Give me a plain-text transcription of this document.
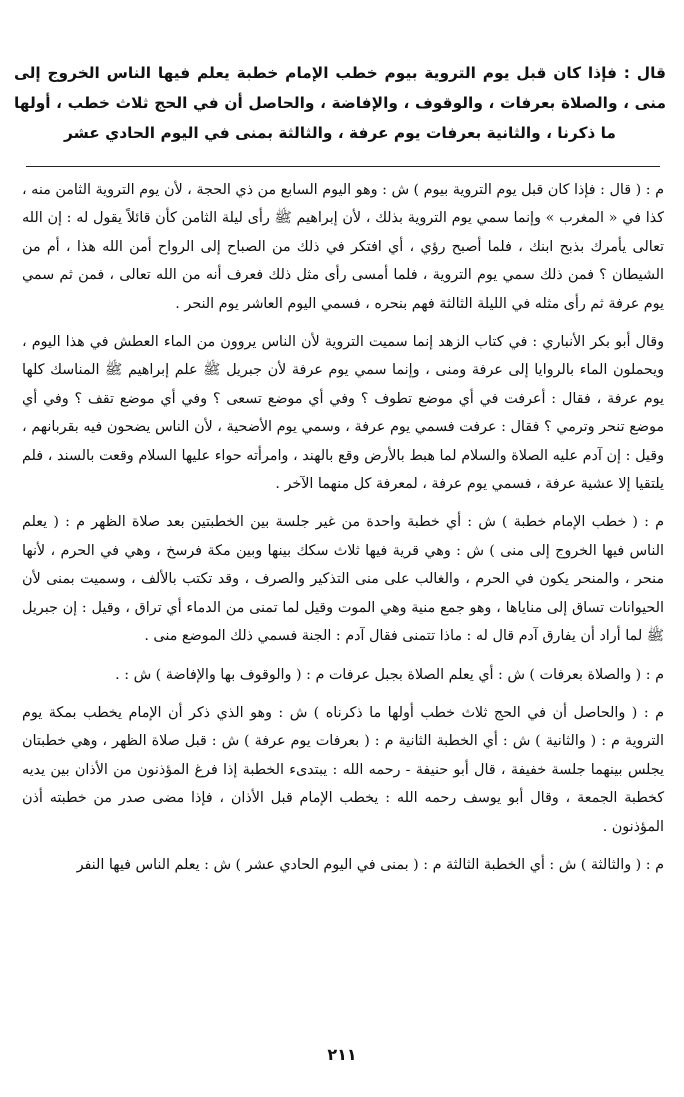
قال : فإذا كان قبل يوم التروية بيوم خطب الإمام خطبة يعلم فيها الناس الخروج إلى منى ، والصلاة بعرفات ، والوقوف ، والإفاضة ، والحاصل أن في الحج ثلاث خطب ، أولها ما ذكرنا ، والثانية بعرفات يوم عرفة ، والثالثة بمنى في اليوم الحادي عشر

م : ( قال : فإذا كان قبل يوم التروية بيوم ) ش : وهو اليوم السابع من ذي الحجة ، لأن يوم التروية الثامن منه ، كذا في « المغرب » وإنما سمي يوم التروية بذلك ، لأن إبراهيم ﷺ رأى ليلة الثامن كأن قائلاً يقول له : إن الله تعالى يأمرك بذبح ابنك ، فلما أصبح رؤي ، أي افتكر في ذلك من الصباح إلى الرواح أمن الله هذا ، أم من الشيطان ؟ فمن ذلك سمي يوم التروية ، فلما أمسى رأى مثل ذلك فعرف أنه من الله تعالى ، فمن ثم سمي يوم عرفة ثم رأى مثله في الليلة الثالثة فهم بنحره ، فسمي اليوم العاشر يوم النحر .

وقال أبو بكر الأنباري : في كتاب الزهد إنما سميت التروية لأن الناس يروون من الماء العطش في هذا اليوم ، ويحملون الماء بالروايا إلى عرفة ومنى ، وإنما سمي يوم عرفة لأن جبريل ﷺ علم إبراهيم ﷺ المناسك كلها يوم عرفة ، فقال : أعرفت في أي موضع تطوف ؟ وفي أي موضع تسعى ؟ وفي أي موضع تقف ؟ وفي أي موضع تنحر وترمي ؟ فقال : عرفت فسمي يوم عرفة ، وسمي يوم الأضحية ، لأن الناس يضحون فيه بقربانهم ، وقيل : إن آدم عليه الصلاة والسلام لما هبط بالأرض وقع بالهند ، وامرأته حواء عليها السلام وقعت بالسند ، فلم يلتقيا إلا عشية عرفة ، فسمي يوم عرفة ، لمعرفة كل منهما الآخر .

م : ( خطب الإمام خطبة ) ش : أي خطبة واحدة من غير جلسة بين الخطبتين بعد صلاة الظهر م : ( يعلم الناس فيها الخروج إلى منى ) ش : وهي قرية فيها ثلاث سكك بينها وبين مكة فرسخ ، وهي في الحرم ، لأنها منحر ، والمنحر يكون في الحرم ، والغالب على منى التذكير والصرف ، وقد تكتب بالألف ، وسميت بمنى لأن الحيوانات تساق إلى مناياها ، وهو جمع منية وهي الموت وقيل لما تمنى من الدماء أي تراق ، وقيل : إن جبريل ﷺ لما أراد أن يفارق آدم قال له : ماذا تتمنى فقال آدم : الجنة فسمي ذلك الموضع منى .

م : ( والصلاة بعرفات ) ش : أي يعلم الصلاة بجبل عرفات م : ( والوقوف بها والإفاضة ) ش : .

م : ( والحاصل أن في الحج ثلاث خطب أولها ما ذكرناه ) ش : وهو الذي ذكر أن الإمام يخطب بمكة يوم التروية م : ( والثانية ) ش : أي الخطبة الثانية م : ( بعرفات يوم عرفة ) ش : قبل صلاة الظهر ، وهي خطبتان يجلس بينهما جلسة خفيفة ، قال أبو حنيفة - رحمه الله : يبتدىء الخطبة إذا فرغ المؤذنون من الأذان بين يديه كخطبة الجمعة ، وقال أبو يوسف رحمه الله : يخطب الإمام قبل الأذان ، فإذا مضى صدر من خطبته أذن المؤذنون .

م : ( والثالثة ) ش : أي الخطبة الثالثة م : ( بمنى في اليوم الحادي عشر ) ش : يعلم الناس فيها النفر

٢١١
